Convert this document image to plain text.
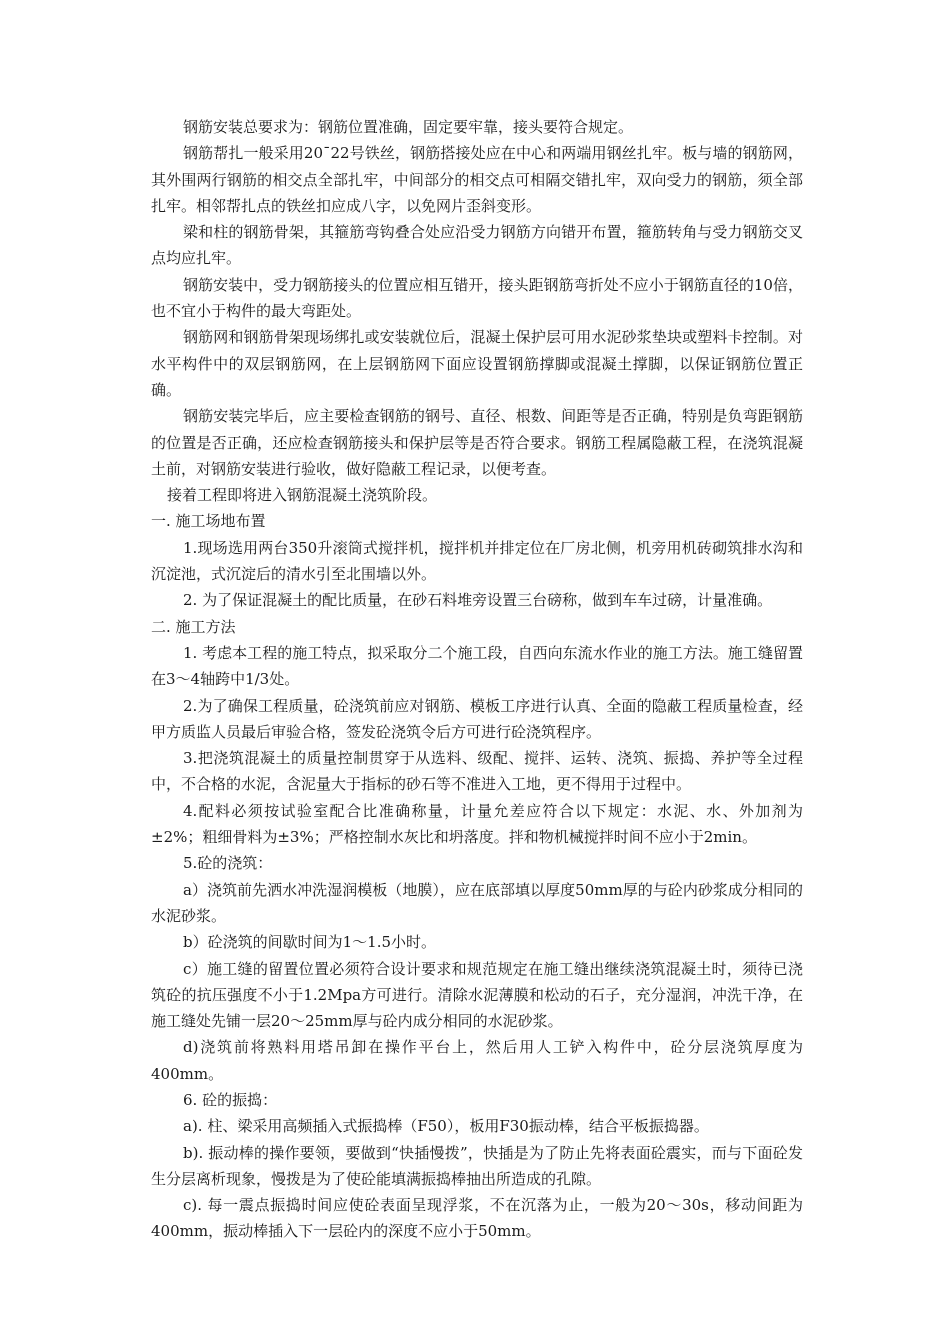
钢筋安装总要求为：钢筋位置准确，固定要牢靠，接头要符合规定。

钢筋帮扎一般采用20ˉ22号铁丝，钢筋搭接处应在中心和两端用钢丝扎牢。板与墙的钢筋网，其外围两行钢筋的相交点全部扎牢，中间部分的相交点可相隔交错扎牢，双向受力的钢筋，须全部扎牢。相邻帮扎点的铁丝扣应成八字，以免网片歪斜变形。

梁和柱的钢筋骨架，其箍筋弯钩叠合处应沿受力钢筋方向错开布置，箍筋转角与受力钢筋交叉点均应扎牢。

钢筋安装中，受力钢筋接头的位置应相互错开，接头距钢筋弯折处不应小于钢筋直径的10倍，也不宜小于构件的最大弯距处。

钢筋网和钢筋骨架现场绑扎或安装就位后，混凝土保护层可用水泥砂浆垫块或塑料卡控制。对水平构件中的双层钢筋网，在上层钢筋网下面应设置钢筋撑脚或混凝土撑脚，以保证钢筋位置正确。

钢筋安装完毕后，应主要检查钢筋的钢号、直径、根数、间距等是否正确，特别是负弯距钢筋的位置是否正确，还应检查钢筋接头和保护层等是否符合要求。钢筋工程属隐蔽工程，在浇筑混凝土前，对钢筋安装进行验收，做好隐蔽工程记录，以便考查。

接着工程即将进入钢筋混凝土浇筑阶段。

一. 施工场地布置

1.现场选用两台350升滚筒式搅拌机，搅拌机并排定位在厂房北侧，机旁用机砖砌筑排水沟和沉淀池，式沉淀后的清水引至北围墙以外。

2. 为了保证混凝土的配比质量，在砂石料堆旁设置三台磅称，做到车车过磅，计量准确。

二. 施工方法

1. 考虑本工程的施工特点，拟采取分二个施工段，自西向东流水作业的施工方法。施工缝留置在3～4轴跨中1/3处。

2.为了确保工程质量，砼浇筑前应对钢筋、模板工序进行认真、全面的隐蔽工程质量检查，经甲方质监人员最后审验合格，签发砼浇筑令后方可进行砼浇筑程序。

3.把浇筑混凝土的质量控制贯穿于从选料、级配、搅拌、运转、浇筑、振捣、养护等全过程中，不合格的水泥，含泥量大于指标的砂石等不准进入工地，更不得用于过程中。

4.配料必须按试验室配合比准确称量，计量允差应符合以下规定：水泥、水、外加剂为±2%；粗细骨料为±3%；严格控制水灰比和坍落度。拌和物机械搅拌时间不应小于2min。

5.砼的浇筑：

a）浇筑前先洒水冲洗湿润模板（地膜），应在底部填以厚度50mm厚的与砼内砂浆成分相同的水泥砂浆。

b）砼浇筑的间歇时间为1～1.5小时。

c）施工缝的留置位置必须符合设计要求和规范规定在施工缝出继续浇筑混凝土时，须待已浇筑砼的抗压强度不小于1.2Mpa方可进行。清除水泥薄膜和松动的石子，充分湿润，冲洗干净，在施工缝处先铺一层20～25mm厚与砼内成分相同的水泥砂浆。

d)浇筑前将熟料用塔吊卸在操作平台上，然后用人工铲入构件中，砼分层浇筑厚度为400mm。

6. 砼的振捣：

a). 柱、梁采用高频插入式振捣棒（F50），板用F30振动棒，结合平板振捣器。

b). 振动棒的操作要领，要做到“快插慢拨”，快插是为了防止先将表面砼震实，而与下面砼发生分层离析现象，慢拨是为了使砼能填满振捣棒抽出所造成的孔隙。

c). 每一震点振捣时间应使砼表面呈现浮浆，不在沉落为止，一般为20～30s，移动间距为400mm，振动棒插入下一层砼内的深度不应小于50mm。
